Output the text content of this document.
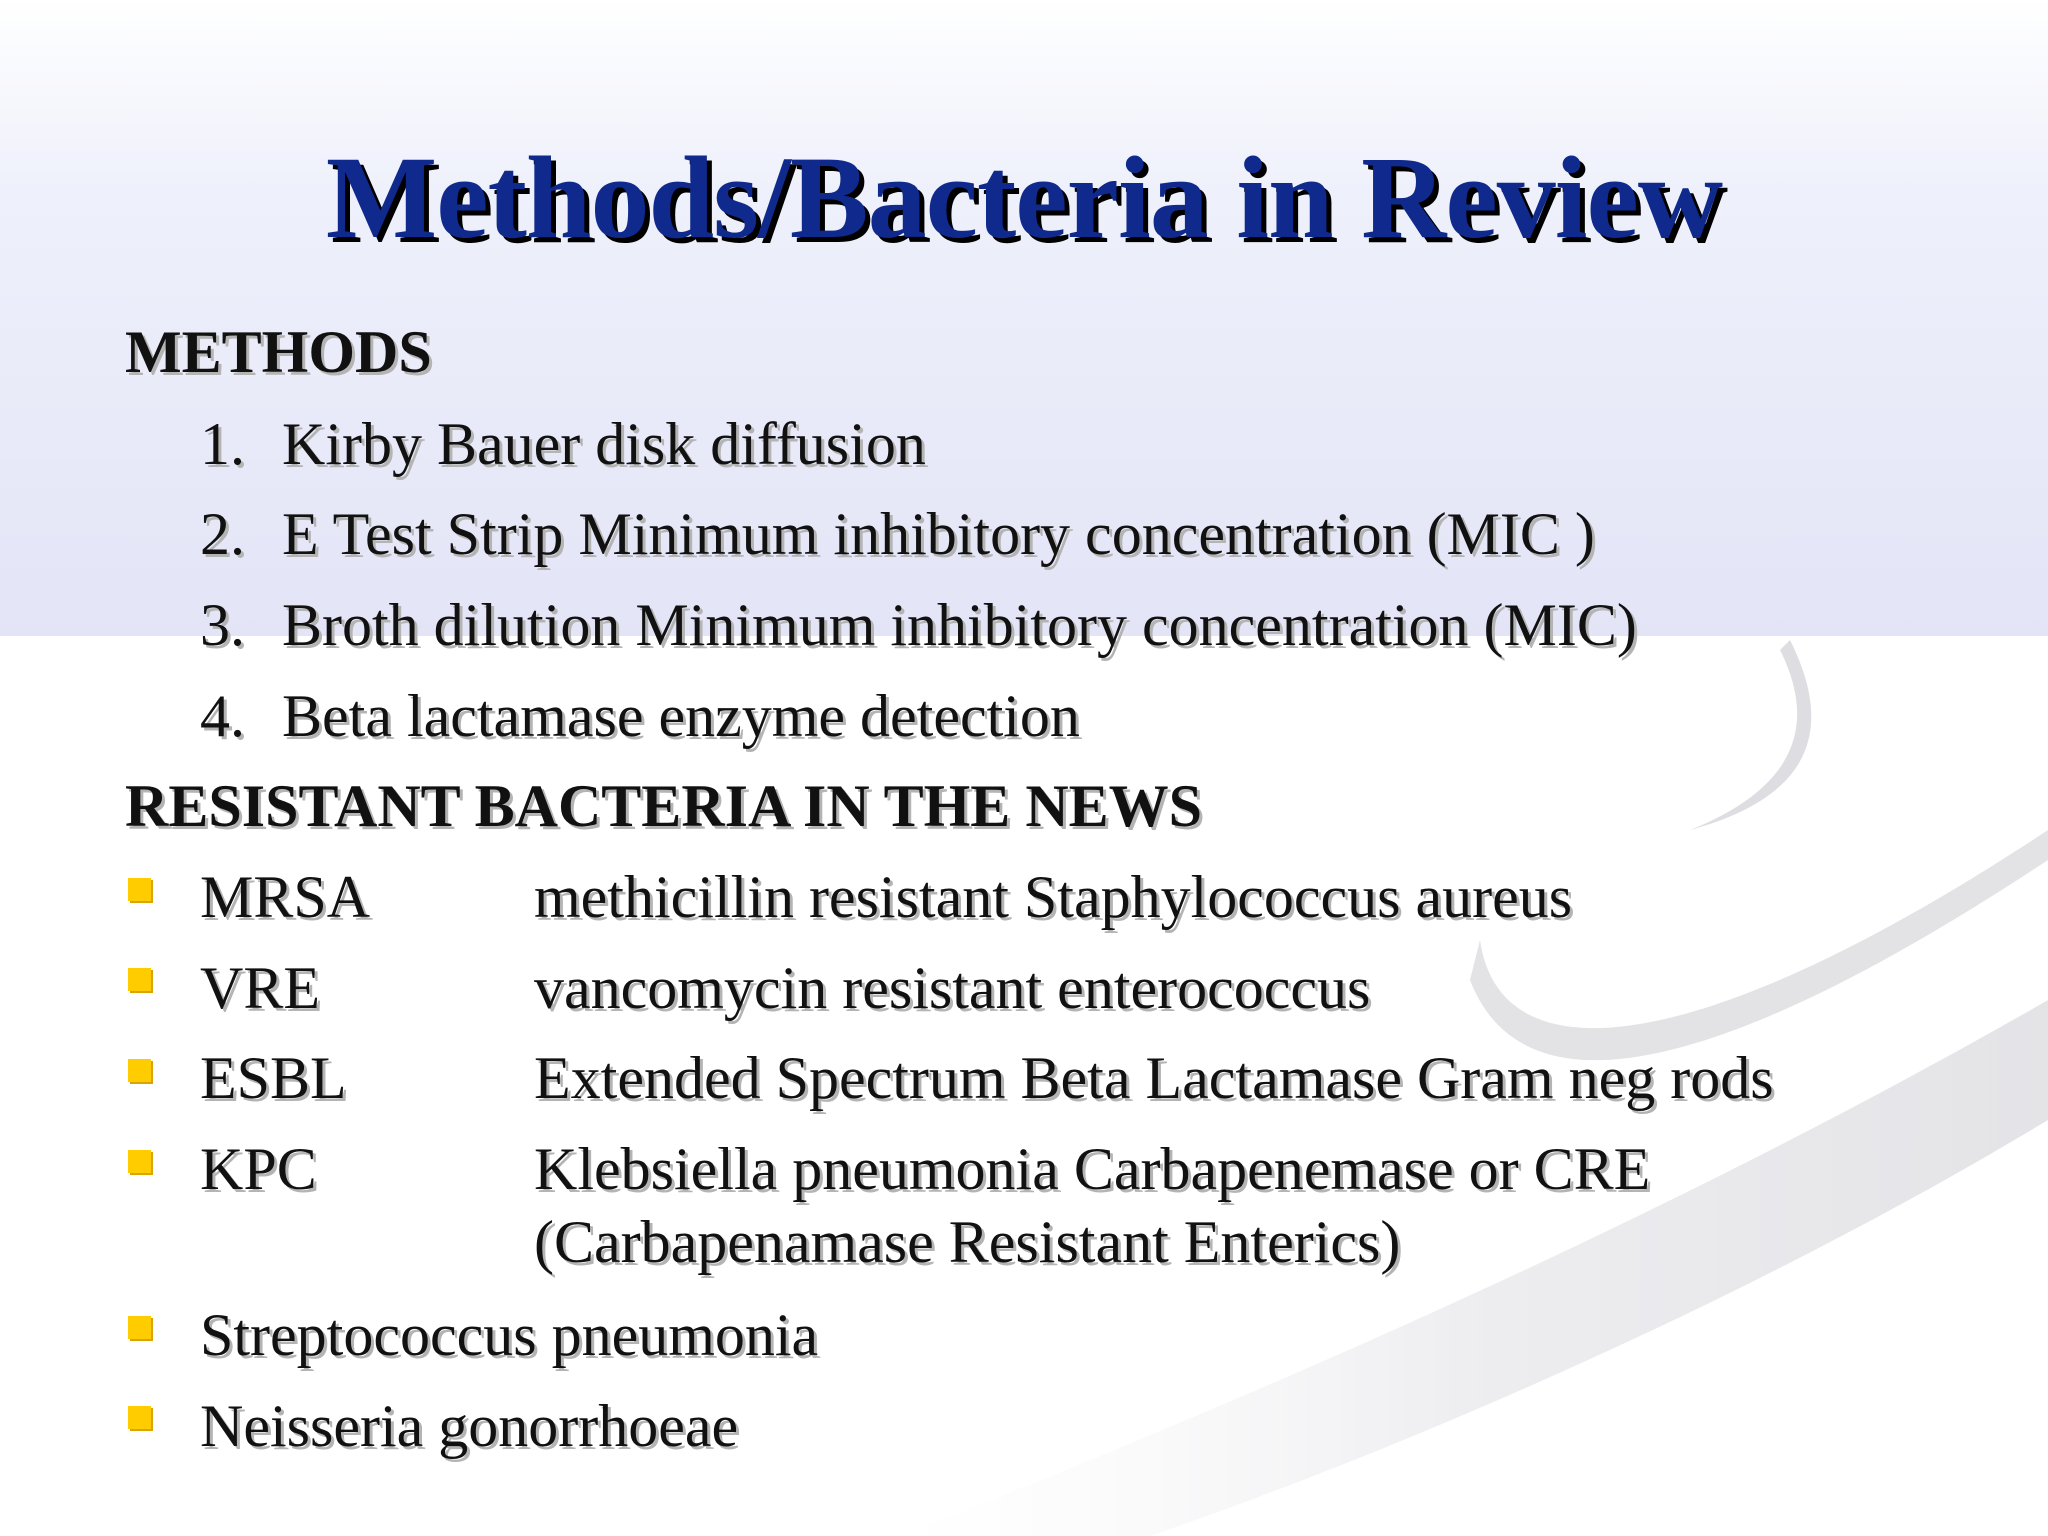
Methods/Bacteria in Review
METHODS
1. Kirby Bauer disk diffusion
2. E Test Strip Minimum inhibitory concentration (MIC )
3. Broth dilution Minimum inhibitory concentration (MIC)
4. Beta lactamase enzyme detection
RESISTANT BACTERIA IN THE NEWS
MRSA	methicillin resistant Staphylococcus aureus
VRE	vancomycin resistant enterococcus
ESBL	Extended Spectrum Beta Lactamase Gram neg rods
KPC	Klebsiella pneumonia Carbapenemase or CRE
(Carbapenamase Resistant Enterics)
Streptococcus pneumonia
Neisseria gonorrhoeae
